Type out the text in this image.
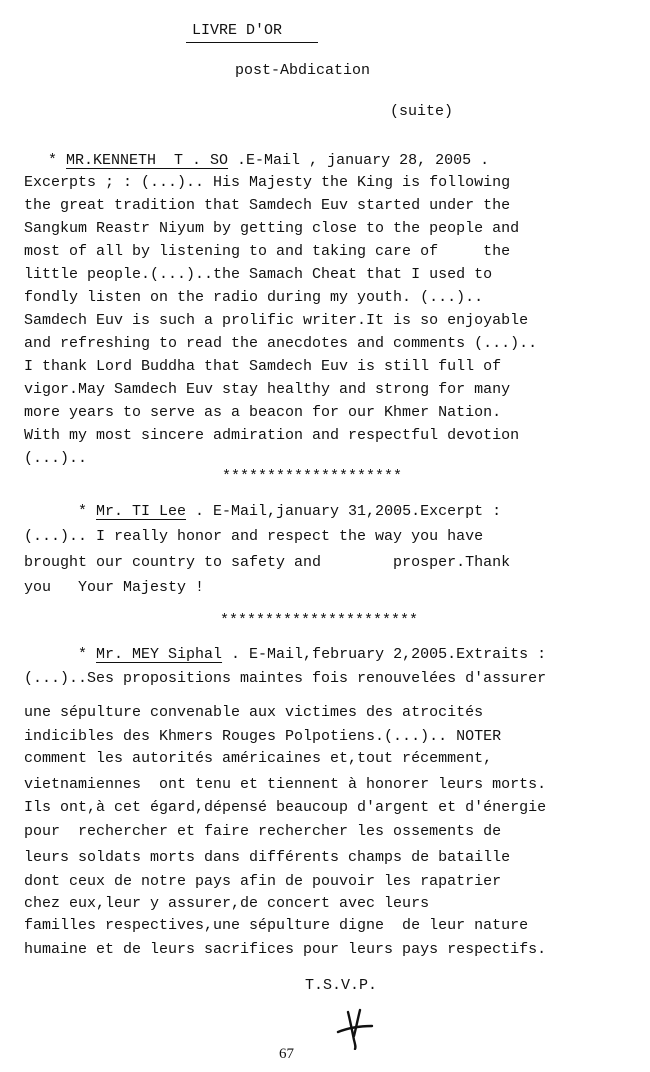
LIVRE D'OR
post-Abdication
(suite)
* MR.KENNETH  T . SO .E-Mail , january 28, 2005 .
Excerpts ; : (...).. His Majesty the King is following
the great tradition that Samdech Euv started under the
Sangkum Reastr Niyum by getting close to the people and
most of all by listening to and taking care of     the
little people.(...)..the Samach Cheat that I used to
fondly listen on the radio during my youth. (...)..
Samdech Euv is such a prolific writer.It is so enjoyable
and refreshing to read the anecdotes and comments (...)..
I thank Lord Buddha that Samdech Euv is still full of
vigor.May Samdech Euv stay healthy and strong for many
more years to serve as a beacon for our Khmer Nation.
With my most sincere admiration and respectful devotion
(...)..
********************
* Mr. TI Lee . E-Mail,january 31,2005.Excerpt :
(...).. I really honor and respect the way you have
brought our country to safety and        prosper.Thank
you   Your Majesty !
**********************
* Mr. MEY Siphal . E-Mail,february 2,2005.Extraits :
(...)..Ses propositions maintes fois renouvelées d'assurer
une sépulture convenable aux victimes des atrocités
indicibles des Khmers Rouges Polpotiens.(...).. NOTER
comment les autorités américaines et,tout récemment,
vietnamiennes  ont tenu et tiennent à honorer leurs morts.
Ils ont,à cet égard,dépensé beaucoup d'argent et d'énergie
pour  rechercher et faire rechercher les ossements de
leurs soldats morts dans différents champs de bataille
dont ceux de notre pays afin de pouvoir les rapatrier
chez eux,leur y assurer,de concert avec leurs
familles respectives,une sépulture digne  de leur nature
humaine et de leurs sacrifices pour leurs pays respectifs.
T.S.V.P.
67
